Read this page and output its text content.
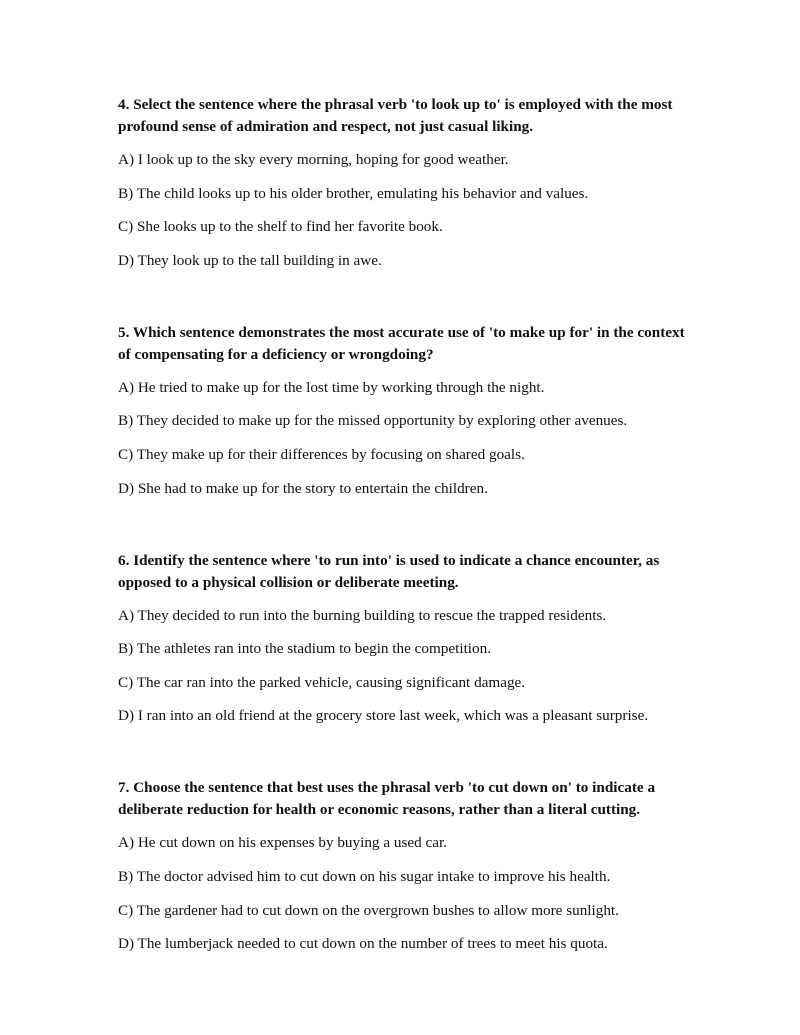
4. Select the sentence where the phrasal verb 'to look up to' is employed with the most profound sense of admiration and respect, not just casual liking.

A) I look up to the sky every morning, hoping for good weather.

B) The child looks up to his older brother, emulating his behavior and values.

C) She looks up to the shelf to find her favorite book.

D) They look up to the tall building in awe.

5. Which sentence demonstrates the most accurate use of 'to make up for' in the context of compensating for a deficiency or wrongdoing?

A) He tried to make up for the lost time by working through the night.

B) They decided to make up for the missed opportunity by exploring other avenues.

C) They make up for their differences by focusing on shared goals.

D) She had to make up for the story to entertain the children.

6. Identify the sentence where 'to run into' is used to indicate a chance encounter, as opposed to a physical collision or deliberate meeting.

A) They decided to run into the burning building to rescue the trapped residents.

B) The athletes ran into the stadium to begin the competition.

C) The car ran into the parked vehicle, causing significant damage.

D) I ran into an old friend at the grocery store last week, which was a pleasant surprise.

7. Choose the sentence that best uses the phrasal verb 'to cut down on' to indicate a deliberate reduction for health or economic reasons, rather than a literal cutting.

A) He cut down on his expenses by buying a used car.

B) The doctor advised him to cut down on his sugar intake to improve his health.

C) The gardener had to cut down on the overgrown bushes to allow more sunlight.

D) The lumberjack needed to cut down on the number of trees to meet his quota.
